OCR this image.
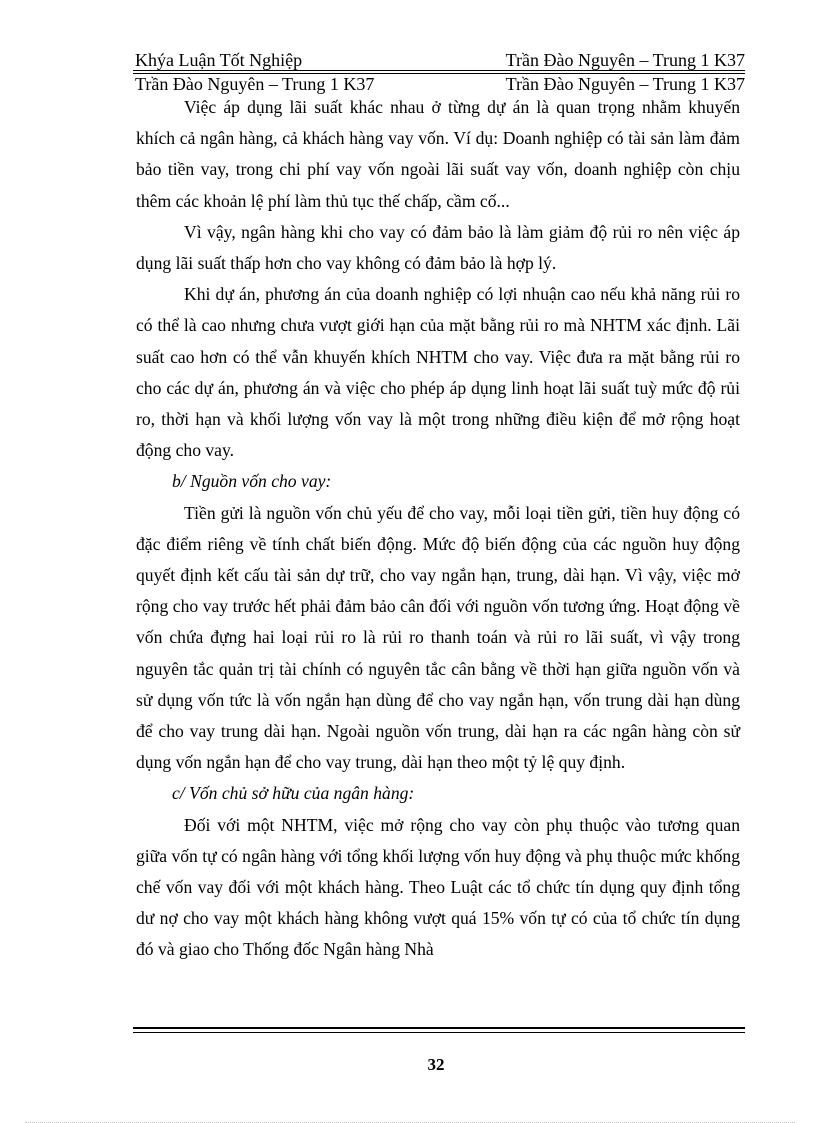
Khýa Luận Tốt Nghiệp	Trần Đào Nguyên – Trung 1 K37
Trần Đào Nguyên – Trung 1 K37	Trần Đào Nguyên – Trung 1 K37

Việc áp dụng lãi suất khác nhau ở từng dự án là quan trọng nhằm khuyến khích cả ngân hàng, cả khách hàng vay vốn. Ví dụ: Doanh nghiệp có tài sản làm đảm bảo tiền vay, trong chi phí vay vốn ngoài lãi suất vay vốn, doanh nghiệp còn chịu thêm các khoản lệ phí làm thủ tục thế chấp, cầm cố...

Vì vậy, ngân hàng khi cho vay có đảm bảo là làm giảm độ rủi ro nên việc áp dụng lãi suất thấp hơn cho vay không có đảm bảo là hợp lý.

Khi dự án, phương án của doanh nghiệp có lợi nhuận cao nếu khả năng rủi ro có thể là cao nhưng chưa vượt giới hạn của mặt bằng rủi ro mà NHTM xác định. Lãi suất cao hơn có thể vẫn khuyến khích NHTM cho vay. Việc đưa ra mặt bằng rủi ro cho các dự án, phương án và việc cho phép áp dụng linh hoạt lãi suất tuỳ mức độ rủi ro, thời hạn và khối lượng vốn vay là một trong những điều kiện để mở rộng hoạt động cho vay.

b/ Nguồn vốn cho vay:

Tiền gửi là nguồn vốn chủ yếu để cho vay, mỗi loại tiền gửi, tiền huy động có đặc điểm riêng về tính chất biến động. Mức độ biến động của các nguồn huy động quyết định kết cấu tài sản dự trữ, cho vay ngắn hạn, trung, dài hạn. Vì vậy, việc mở rộng cho vay trước hết phải đảm bảo cân đối với nguồn vốn tương ứng. Hoạt động về vốn chứa đựng hai loại rủi ro là rủi ro thanh toán và rủi ro lãi suất, vì vậy trong nguyên tắc quản trị tài chính có nguyên tắc cân bằng về thời hạn giữa nguồn vốn và sử dụng vốn tức là vốn ngắn hạn dùng để cho vay ngắn hạn, vốn trung dài hạn dùng để cho vay trung dài hạn. Ngoài nguồn vốn trung, dài hạn ra các ngân hàng còn sử dụng vốn ngắn hạn để cho vay trung, dài hạn theo một tỷ lệ quy định.

c/ Vốn chủ sở hữu của ngân hàng:

Đối với một NHTM, việc mở rộng cho vay còn phụ thuộc vào tương quan giữa vốn tự có ngân hàng với tổng khối lượng vốn huy động và phụ thuộc mức khống chế vốn vay đối với một khách hàng. Theo Luật các tổ chức tín dụng quy định tổng dư nợ cho vay một khách hàng không vượt quá 15% vốn tự có của tổ chức tín dụng đó và giao cho Thống đốc Ngân hàng Nhà

32
